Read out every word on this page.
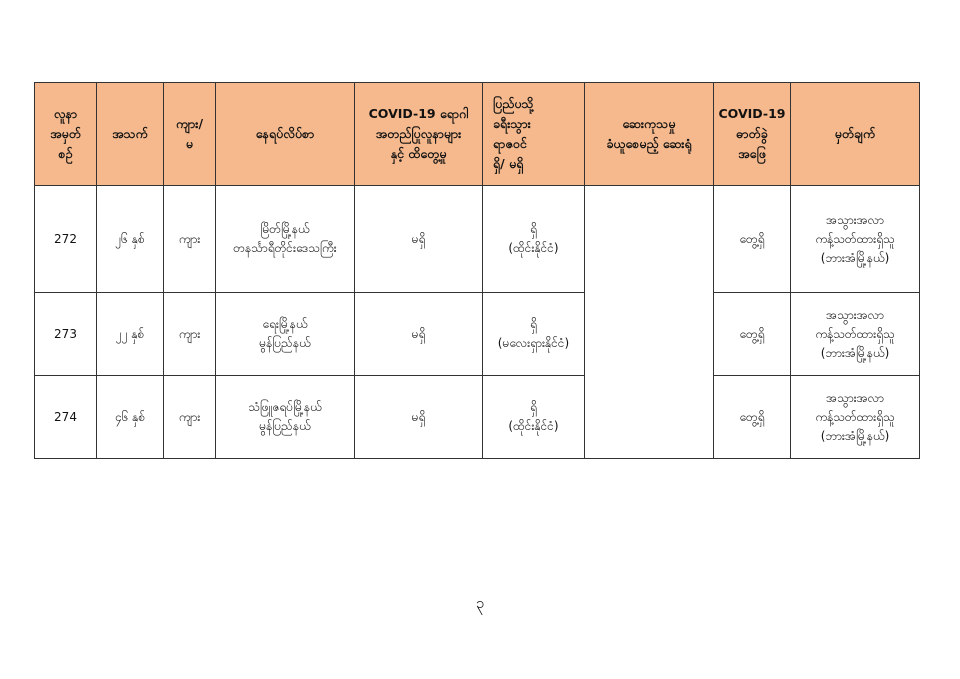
လူနာ
အမှတ်
စဉ်	အသက်	ကျား/
မ	နေရပ်လိပ်စာ	COVID-19 ရောဂါ
အတည်ပြုလူနာများ
နှင့် ထိတွေ့မှု	ပြည်ပသို့
ခရီးသွား
ရာဇဝင်
ရှိ/ မရှိ	ဆေးကုသမှု
ခံယူစေမည့် ဆေးရုံ	COVID-19
ဓာတ်ခွဲ
အဖြေ	မှတ်ချက်

272	၂၆ နှစ်	ကျား	မြိတ်မြို့နယ်
တနင်္သာရီတိုင်းဒေသကြီး	မရှိ	ရှိ
(ထိုင်းနိုင်ငံ)		တွေ့ရှိ	အသွားအလာ
ကန့်သတ်ထားရှိသူ
(ဘားအံမြို့နယ်)

273	၂၂ နှစ်	ကျား	ရေးမြို့နယ်
မွန်ပြည်နယ်	မရှိ	ရှိ
(မလေးရှားနိုင်ငံ)		တွေ့ရှိ	အသွားအလာ
ကန့်သတ်ထားရှိသူ
(ဘားအံမြို့နယ်)

274	၄၆ နှစ်	ကျား	သံဖြူဇရပ်မြို့နယ်
မွန်ပြည်နယ်	မရှိ	ရှိ
(ထိုင်းနိုင်ငံ)		တွေ့ရှိ	အသွားအလာ
ကန့်သတ်ထားရှိသူ
(ဘားအံမြို့နယ်)
၃
